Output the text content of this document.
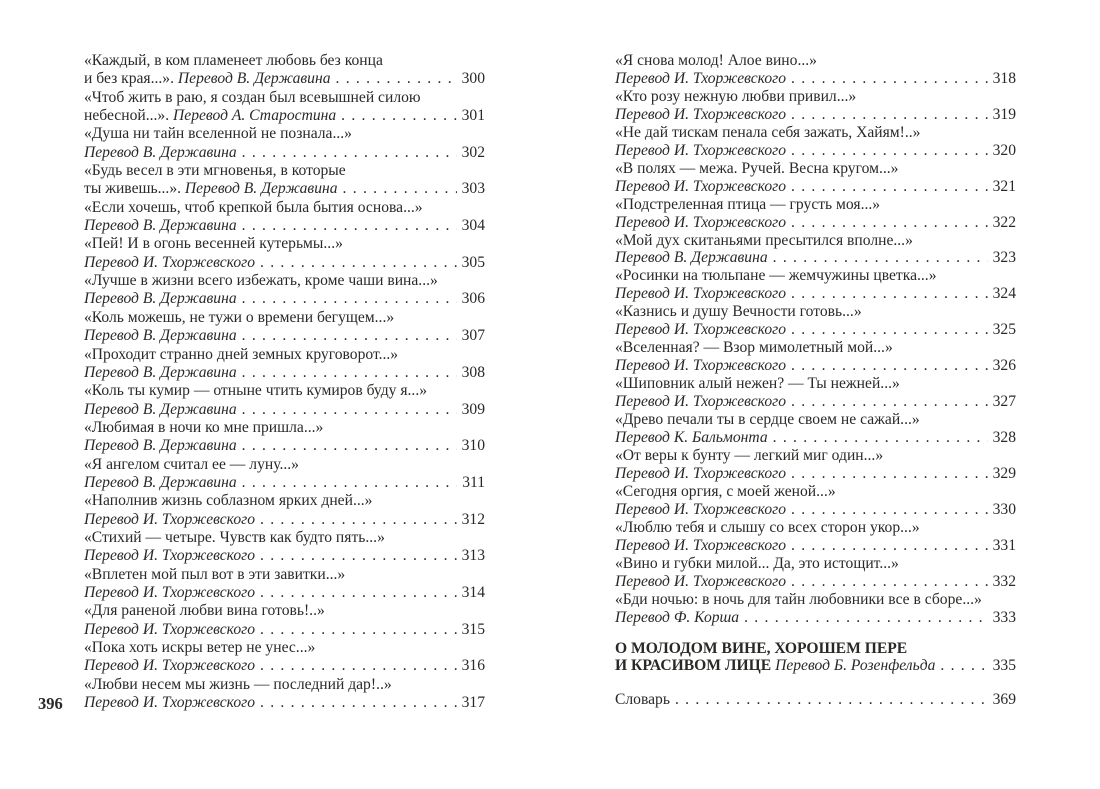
396
«Каждый, в ком пламенеет любовь без конца
и без края...». Перевод В. Державина . . .	300
«Чтоб жить в раю, я создан был всевышней силою
небесной...». Перевод А. Старостина . . .	301
«Душа ни тайн вселенной не познала...»
Перевод В. Державина . . .	302
«Будь весел в эти мгновенья, в которые
ты живешь...». Перевод В. Державина . . .	303
«Если хочешь, чтоб крепкой была бытия основа...»
Перевод В. Державина . . .	304
«Пей! И в огонь весенней кутерьмы...»
Перевод И. Тхоржевского . . .	305
«Лучше в жизни всего избежать, кроме чаши вина...»
Перевод В. Державина . . .	306
«Коль можешь, не тужи о времени бегущем...»
Перевод В. Державина . . .	307
«Проходит странно дней земных круговорот...»
Перевод В. Державина . . .	308
«Коль ты кумир — отныне чтить кумиров буду я...»
Перевод В. Державина . . .	309
«Любимая в ночи ко мне пришла...»
Перевод В. Державина . . .	310
«Я ангелом считал ее — луну...»
Перевод В. Державина . . .	311
«Наполнив жизнь соблазном ярких дней...»
Перевод И. Тхоржевского . . .	312
«Стихий — четыре. Чувств как будто пять...»
Перевод И. Тхоржевского . . .	313
«Вплетен мой пыл вот в эти завитки...»
Перевод И. Тхоржевского . . .	314
«Для раненой любви вина готовь!..»
Перевод И. Тхоржевского . . .	315
«Пока хоть искры ветер не унес...»
Перевод И. Тхоржевского . . .	316
«Любви несем мы жизнь — последний дар!..»
Перевод И. Тхоржевского . . .	317
«Я снова молод! Алое вино...»
Перевод И. Тхоржевского . . .	318
«Кто розу нежную любви привил...»
Перевод И. Тхоржевского . . .	319
«Не дай тискам пенала себя зажать, Хайям!..»
Перевод И. Тхоржевского . . .	320
«В полях — межа. Ручей. Весна кругом...»
Перевод И. Тхоржевского . . .	321
«Подстреленная птица — грусть моя...»
Перевод И. Тхоржевского . . .	322
«Мой дух скитаньями пресытился вполне...»
Перевод В. Державина . . .	323
«Росинки на тюльпане — жемчужины цветка...»
Перевод И. Тхоржевского . . .	324
«Казнись и душу Вечности готовь...»
Перевод И. Тхоржевского . . .	325
«Вселенная? — Взор мимолетный мой...»
Перевод И. Тхоржевского . . .	326
«Шиповник алый нежен? — Ты нежней...»
Перевод И. Тхоржевского . . .	327
«Древо печали ты в сердце своем не сажай...»
Перевод К. Бальмонта . . .	328
«От веры к бунту — легкий миг один...»
Перевод И. Тхоржевского . . .	329
«Сегодня оргия, с моей женой...»
Перевод И. Тхоржевского . . .	330
«Люблю тебя и слышу со всех сторон укор...»
Перевод И. Тхоржевского . . .	331
«Вино и губки милой... Да, это истощит...»
Перевод И. Тхоржевского . . .	332
«Бди ночью: в ночь для тайн любовники все в сборе...»
Перевод Ф. Корша . . .	333
О МОЛОДОМ ВИНЕ, ХОРОШЕМ ПЕРЕ
И КРАСИВОМ ЛИЦЕ Перевод Б. Розенфельда . . .	335
Словарь . . .	369
